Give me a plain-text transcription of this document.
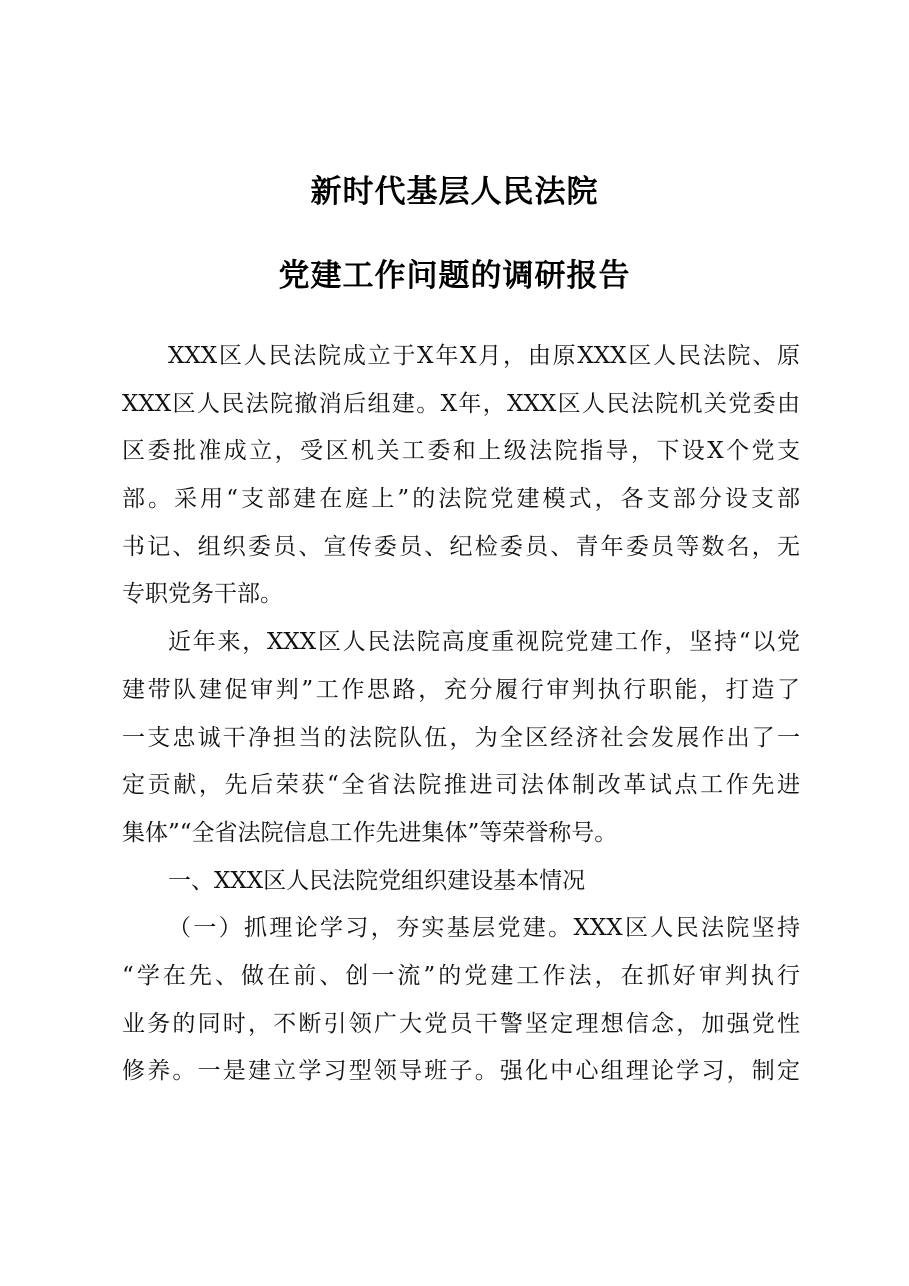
新时代基层人民法院
党建工作问题的调研报告
XXX区人民法院成立于X年X月，由原XXX区人民法院、原
XXX区人民法院撤消后组建。X年，XXX区人民法院机关党委由
区委批准成立，受区机关工委和上级法院指导，下设X个党支
部。采用“支部建在庭上”的法院党建模式，各支部分设支部
书记、组织委员、宣传委员、纪检委员、青年委员等数名，无
专职党务干部。
近年来，XXX区人民法院高度重视院党建工作，坚持“以党
建带队建促审判”工作思路，充分履行审判执行职能，打造了
一支忠诚干净担当的法院队伍，为全区经济社会发展作出了一
定贡献，先后荣获“全省法院推进司法体制改革试点工作先进
集体”“全省法院信息工作先进集体”等荣誉称号。
一、XXX区人民法院党组织建设基本情况
（一）抓理论学习，夯实基层党建。XXX区人民法院坚持
“学在先、做在前、创一流”的党建工作法，在抓好审判执行
业务的同时，不断引领广大党员干警坚定理想信念，加强党性
修养。一是建立学习型领导班子。强化中心组理论学习，制定
